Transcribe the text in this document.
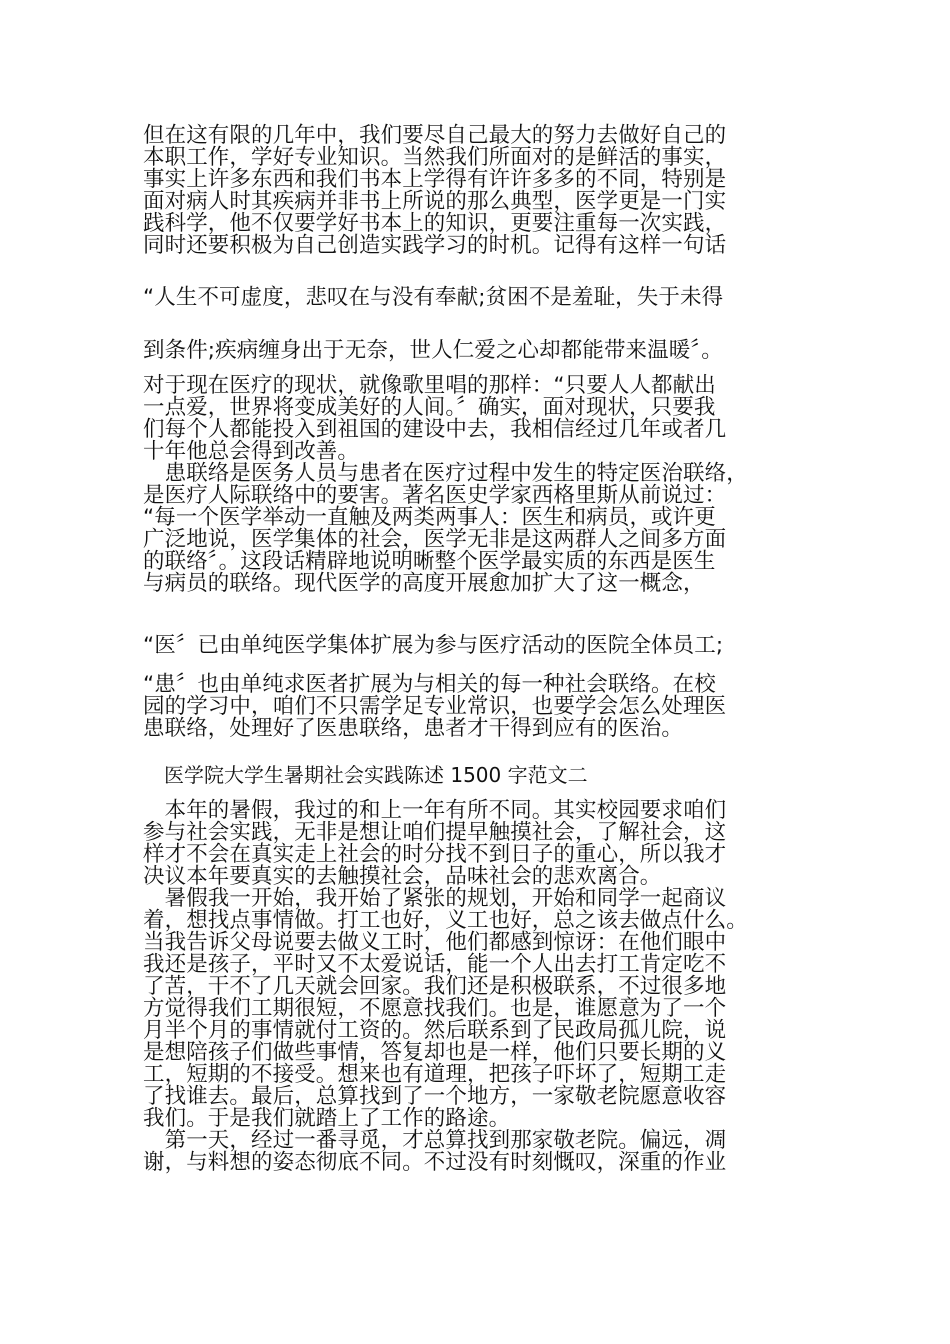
但在这有限的几年中，我们要尽自己最大的努力去做好自己的
本职工作，学好专业知识。当然我们所面对的是鲜活的事实，
事实上许多东西和我们书本上学得有许许多多的不同，特别是
面对病人时其疾病并非书上所说的那么典型，医学更是一门实
践科学，他不仅要学好书本上的知识，更要注重每一次实践，
同时还要积极为自己创造实践学习的时机。记得有这样一句话
“人生不可虚度，悲叹在与没有奉献;贫困不是羞耻，失于未得
到条件;疾病缠身出于无奈，世人仁爱之心却都能带来温暖〞。
对于现在医疗的现状，就像歌里唱的那样：“只要人人都献出
一点爱，世界将变成美好的人间。〞确实，面对现状，只要我
们每个人都能投入到祖国的建设中去，我相信经过几年或者几
十年他总会得到改善。
　患联络是医务人员与患者在医疗过程中发生的特定医治联络，
是医疗人际联络中的要害。著名医史学家西格里斯从前说过：
“每一个医学举动一直触及两类两事人：医生和病员，或许更
广泛地说，医学集体的社会，医学无非是这两群人之间多方面
的联络〞。这段话精辟地说明晰整个医学最实质的东西是医生
与病员的联络。现代医学的高度开展愈加扩大了这一概念，
“医〞已由单纯医学集体扩展为参与医疗活动的医院全体员工;
“患〞也由单纯求医者扩展为与相关的每一种社会联络。在校
园的学习中，咱们不只需学足专业常识，也要学会怎么处理医
患联络，处理好了医患联络，患者才干得到应有的医治。
医学院大学生暑期社会实践陈述 1500 字范文二
　本年的暑假，我过的和上一年有所不同。其实校园要求咱们
参与社会实践，无非是想让咱们提早触摸社会，了解社会，这
样才不会在真实走上社会的时分找不到日子的重心，所以我才
决议本年要真实的去触摸社会，品味社会的悲欢离合。
　暑假我一开始，我开始了紧张的规划，开始和同学一起商议
着，想找点事情做。打工也好，义工也好，总之该去做点什么。
当我告诉父母说要去做义工时，他们都感到惊讶：在他们眼中
我还是孩子，平时又不太爱说话，能一个人出去打工肯定吃不
了苦，干不了几天就会回家。我们还是积极联系，不过很多地
方觉得我们工期很短，不愿意找我们。也是，谁愿意为了一个
月半个月的事情就付工资的。然后联系到了民政局孤儿院，说
是想陪孩子们做些事情，答复却也是一样，他们只要长期的义
工，短期的不接受。想来也有道理，把孩子吓坏了，短期工走
了找谁去。最后，总算找到了一个地方，一家敬老院愿意收容
我们。于是我们就踏上了工作的路途。
　第一天，经过一番寻觅，才总算找到那家敬老院。偏远，凋
谢，与料想的姿态彻底不同。不过没有时刻慨叹，深重的作业
